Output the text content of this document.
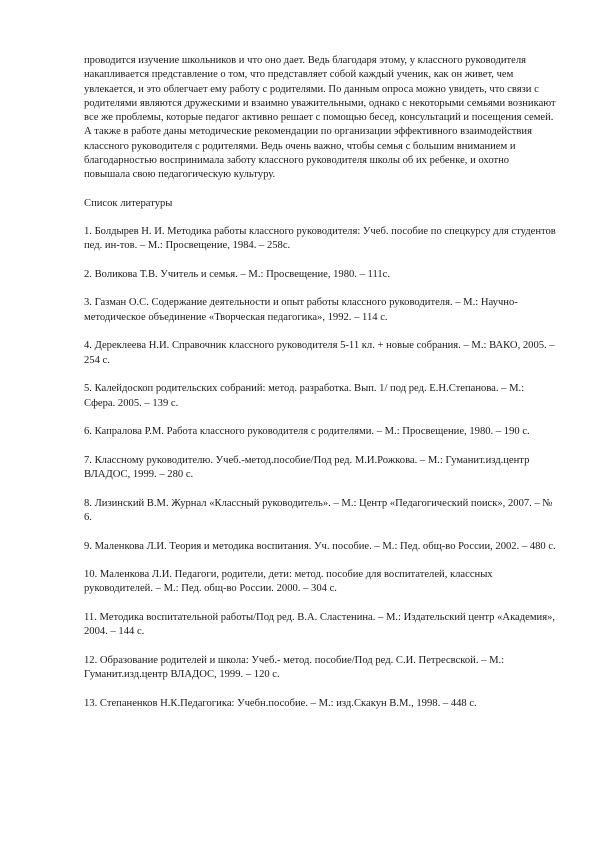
проводится изучение школьников и что оно дает. Ведь благодаря этому, у классного руководителя накапливается представление о том, что представляет собой каждый ученик, как он живет, чем увлекается, и это облегчает ему работу с родителями. По данным опроса можно увидеть, что связи с родителями являются дружескими и взаимно уважительными, однако с некоторыми семьями возникают все же проблемы, которые педагог активно решает с помощью бесед, консультаций и посещения семей. А также в работе даны методические рекомендации по организации эффективного взаимодействия классного руководителя с родителями. Ведь очень важно, чтобы семья с большим вниманием и благодарностью воспринимала заботу классного руководителя школы об их ребенке, и охотно повышала свою педагогическую культуру.

Список литературы

1. Болдырев Н. И. Методика работы классного руководителя: Учеб. пособие по спецкурсу для студентов пед. ин-тов. – М.: Просвещение, 1984. – 258с.
2. Воликова Т.В. Учитель и семья. – М.: Просвещение, 1980. – 111с.
3. Газман О.С. Содержание деятельности и опыт работы классного руководителя. – М.: Научно-методическое объединение «Творческая педагогика», 1992. – 114 с.
4. Дереклеева Н.И. Справочник классного руководителя 5-11 кл. + новые собрания. – М.: ВАКО, 2005. – 254 с.
5. Калейдоскоп родительских собраний: метод. разработка. Вып. 1/ под ред. Е.Н.Степанова. – М.: Сфера. 2005. – 139 с.
6. Капралова Р.М. Работа классного руководителя с родителями. – М.: Просвещение, 1980. – 190 с.
7. Классному руководителю. Учеб.-метод.пособие/Под ред. М.И.Рожкова. – М.: Гуманит.изд.центр ВЛАДОС, 1999. – 280 с.
8. Лизинский В.М. Журнал «Классный руководитель». – М.: Центр «Педагогический поиск», 2007. – № 6.
9. Маленкова Л.И. Теория и методика воспитания. Уч. пособие. – М.: Пед. общ-во России, 2002. – 480 с.
10. Маленкова Л.И. Педагоги, родители, дети: метод. пособие для воспитателей, классных руководителей. – М.: Пед. общ-во России. 2000. – 304 с.
11. Методика воспитательной работы/Под ред. В.А. Сластенина. – М.: Издательский центр «Академия», 2004. – 144 с.
12. Образование родителей и школа: Учеб.- метод. пособие/Под ред. С.И. Петресвской. – М.: Гуманит.изд.центр ВЛАДОС, 1999. – 120 с.
13. Степаненков Н.К.Педагогика: Учебн.пособие. – М.: изд.Скакун В.М., 1998. – 448 с.
